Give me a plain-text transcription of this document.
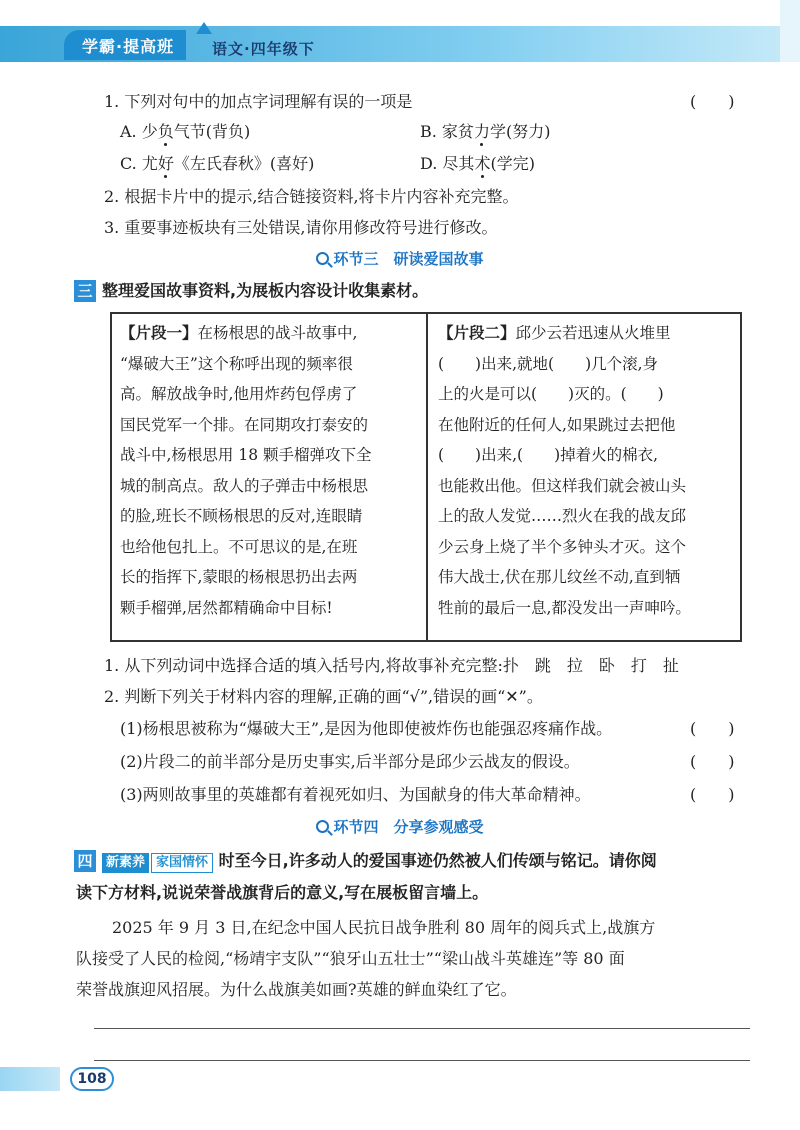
学霸·提高班	语文·四年级下
1. 下列对句中的加点字词理解有误的一项是	(　　)
A. 少负气节(背负)	B. 家贫力学(努力)
C. 尤好《左氏春秋》(喜好)	D. 尽其术(学完)
2. 根据卡片中的提示,结合链接资料,将卡片内容补充完整。
3. 重要事迹板块有三处错误,请你用修改符号进行修改。
环节三　研读爱国故事
三 整理爱国故事资料,为展板内容设计收集素材。
【片段一】在杨根思的战斗故事中,
“爆破大王”这个称呼出现的频率很
高。解放战争时,他用炸药包俘虏了
国民党军一个排。在同期攻打泰安的
战斗中,杨根思用 18 颗手榴弹攻下全
城的制高点。敌人的子弹击中杨根思
的脸,班长不顾杨根思的反对,连眼睛
也给他包扎上。不可思议的是,在班
长的指挥下,蒙眼的杨根思扔出去两
颗手榴弹,居然都精确命中目标!
【片段二】邱少云若迅速从火堆里
(　　)出来,就地(　　)几个滚,身
上的火是可以(　　)灭的。(　　)
在他附近的任何人,如果跳过去把他
(　　)出来,(　　)掉着火的棉衣,
也能救出他。但这样我们就会被山头
上的敌人发觉……烈火在我的战友邱
少云身上烧了半个多钟头才灭。这个
伟大战士,伏在那儿纹丝不动,直到牺
牲前的最后一息,都没发出一声呻吟。
1. 从下列动词中选择合适的填入括号内,将故事补充完整:扑　跳　拉　卧　打　扯
2. 判断下列关于材料内容的理解,正确的画“√”,错误的画“✕”。
(1)杨根思被称为“爆破大王”,是因为他即使被炸伤也能强忍疼痛作战。	(　　)
(2)片段二的前半部分是历史事实,后半部分是邱少云战友的假设。	(　　)
(3)两则故事里的英雄都有着视死如归、为国献身的伟大革命精神。	(　　)
环节四　分享参观感受
四	新素养 家国情怀 时至今日,许多动人的爱国事迹仍然被人们传颂与铭记。请你阅
读下方材料,说说荣誉战旗背后的意义,写在展板留言墙上。
2025 年 9 月 3 日,在纪念中国人民抗日战争胜利 80 周年的阅兵式上,战旗方
队接受了人民的检阅,“杨靖宇支队”“狼牙山五壮士”“梁山战斗英雄连”等 80 面
荣誉战旗迎风招展。为什么战旗美如画?英雄的鲜血染红了它。
108
